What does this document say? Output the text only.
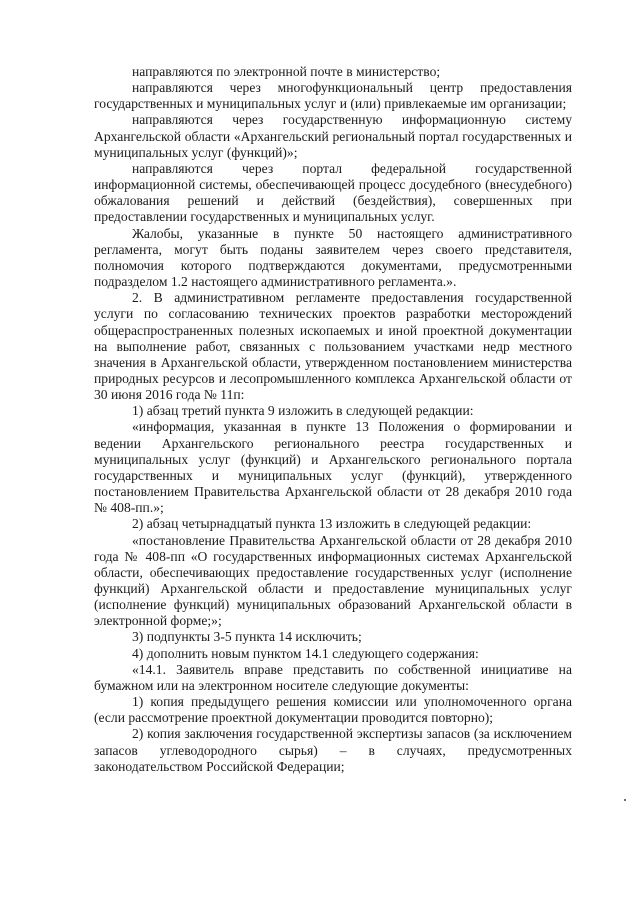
направляются по электронной почте в министерство;

направляются через многофункциональный центр предоставления государственных и муниципальных услуг и (или) привлекаемые им организации;

направляются через государственную информационную систему Архангельской области «Архангельский региональный портал государственных и муниципальных услуг (функций)»;

направляются через портал федеральной государственной информационной системы, обеспечивающей процесс досудебного (внесудебного) обжалования решений и действий (бездействия), совершенных при предоставлении государственных и муниципальных услуг.

Жалобы, указанные в пункте 50 настоящего административного регламента, могут быть поданы заявителем через своего представителя, полномочия которого подтверждаются документами, предусмотренными подразделом 1.2 настоящего административного регламента.».

2. В административном регламенте предоставления государственной услуги по согласованию технических проектов разработки месторождений общераспространенных полезных ископаемых и иной проектной документации на выполнение работ, связанных с пользованием участками недр местного значения в Архангельской области, утвержденном постановлением министерства природных ресурсов и лесопромышленного комплекса Архангельской области от 30 июня 2016 года № 11п:

1) абзац третий пункта 9 изложить в следующей редакции:

«информация, указанная в пункте 13 Положения о формировании и ведении Архангельского регионального реестра государственных и муниципальных услуг (функций) и Архангельского регионального портала государственных и муниципальных услуг (функций), утвержденного постановлением Правительства Архангельской области от 28 декабря 2010 года № 408-пп.»;

2) абзац четырнадцатый пункта 13 изложить в следующей редакции:

«постановление Правительства Архангельской области от 28 декабря 2010 года № 408-пп «О государственных информационных системах Архангельской области, обеспечивающих предоставление государственных услуг (исполнение функций) Архангельской области и предоставление муниципальных услуг (исполнение функций) муниципальных образований Архангельской области в электронной форме;»;

3) подпункты 3-5 пункта 14 исключить;

4) дополнить новым пунктом 14.1 следующего содержания:

«14.1. Заявитель вправе представить по собственной инициативе на бумажном или на электронном носителе следующие документы:

1) копия предыдущего решения комиссии или уполномоченного органа (если рассмотрение проектной документации проводится повторно);

2) копия заключения государственной экспертизы запасов (за исключением запасов углеводородного сырья) – в случаях, предусмотренных законодательством Российской Федерации;
